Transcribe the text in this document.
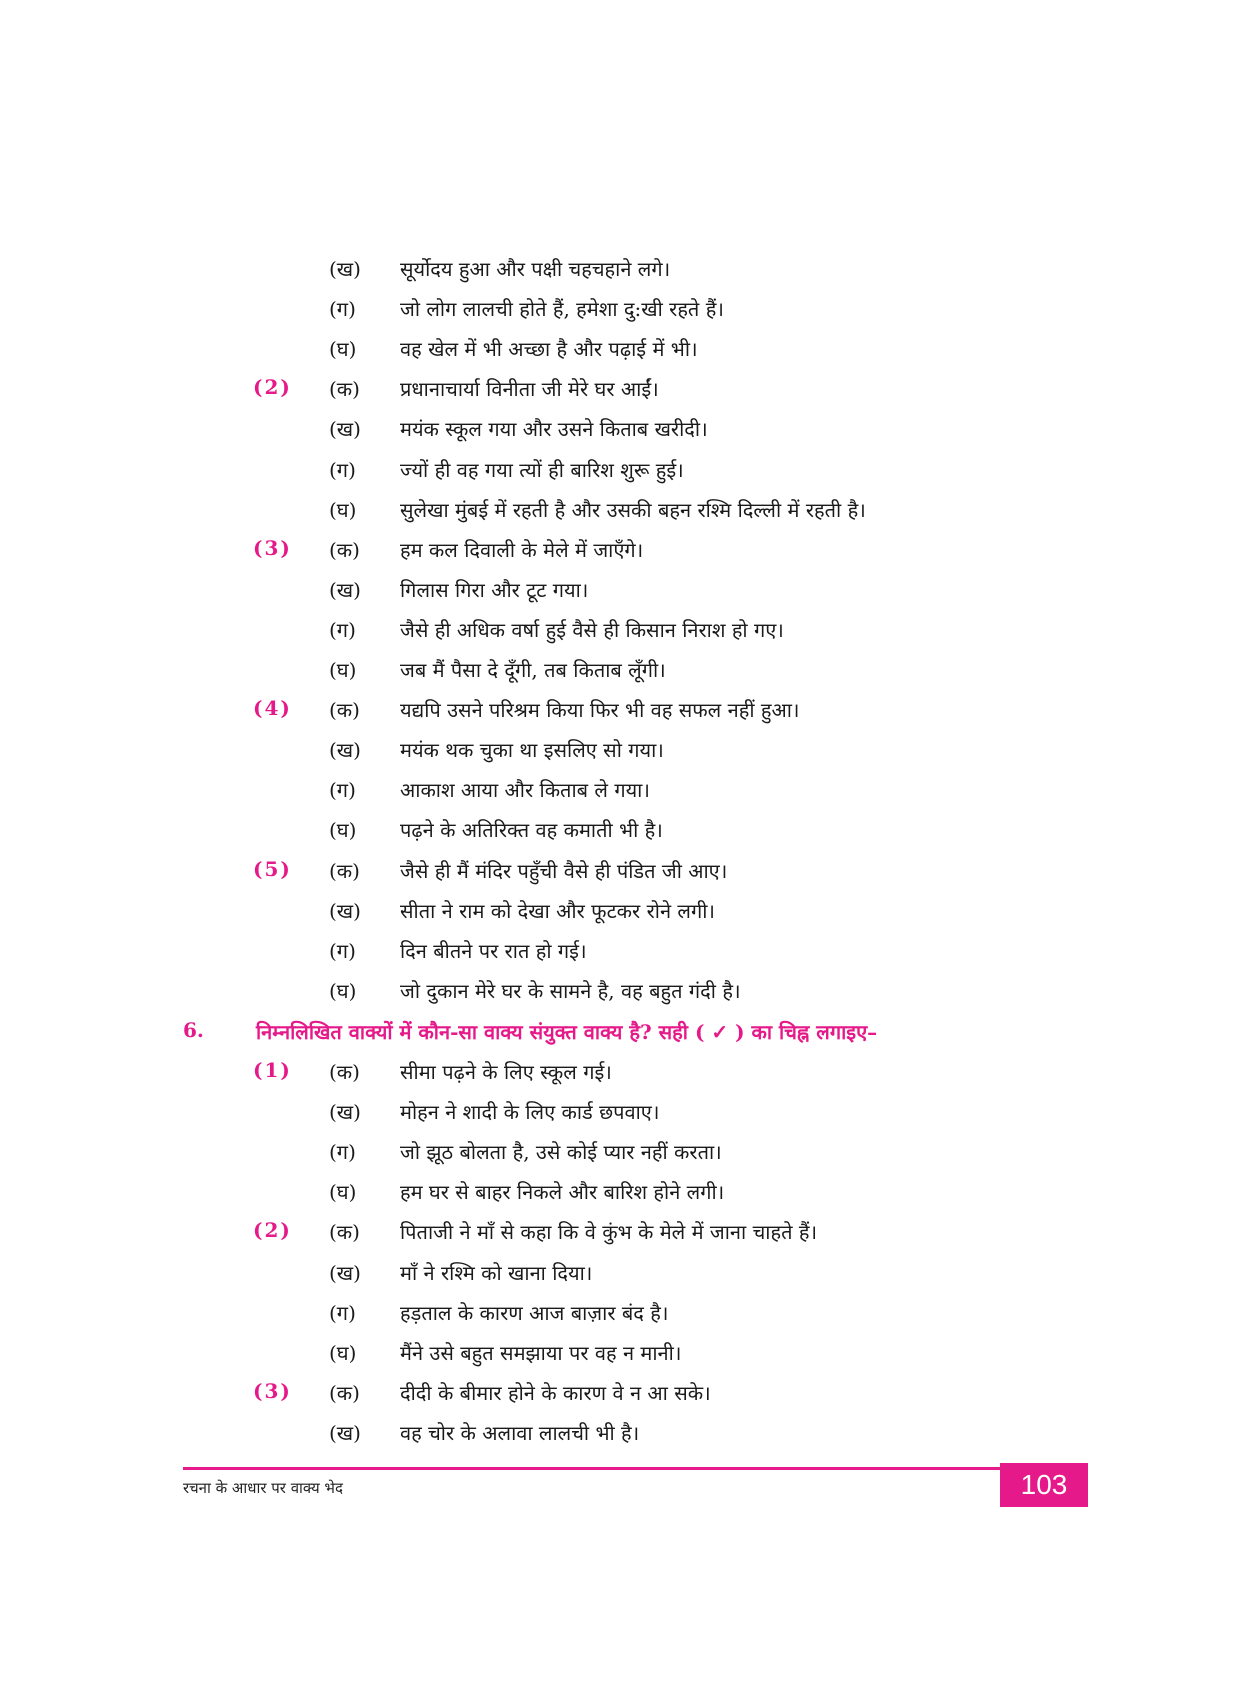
(ख)	सूर्योदय हुआ और पक्षी चहचहाने लगे।
(ग)	जो लोग लालची होते हैं, हमेशा दु:खी रहते हैं।
(घ)	वह खेल में भी अच्छा है और पढ़ाई में भी।
(2)	(क)	प्रधानाचार्या विनीता जी मेरे घर आईं।
(ख)	मयंक स्कूल गया और उसने किताब खरीदी।
(ग)	ज्यों ही वह गया त्यों ही बारिश शुरू हुई।
(घ)	सुलेखा मुंबई में रहती है और उसकी बहन रश्मि दिल्ली में रहती है।
(3)	(क)	हम कल दिवाली के मेले में जाएँगे।
(ख)	गिलास गिरा और टूट गया।
(ग)	जैसे ही अधिक वर्षा हुई वैसे ही किसान निराश हो गए।
(घ)	जब मैं पैसा दे दूँगी, तब किताब लूँगी।
(4)	(क)	यद्यपि उसने परिश्रम किया फिर भी वह सफल नहीं हुआ।
(ख)	मयंक थक चुका था इसलिए सो गया।
(ग)	आकाश आया और किताब ले गया।
(घ)	पढ़ने के अतिरिक्त वह कमाती भी है।
(5)	(क)	जैसे ही मैं मंदिर पहुँची वैसे ही पंडित जी आए।
(ख)	सीता ने राम को देखा और फूटकर रोने लगी।
(ग)	दिन बीतने पर रात हो गई।
(घ)	जो दुकान मेरे घर के सामने है, वह बहुत गंदी है।
6.	निम्नलिखित वाक्यों में कौन-सा वाक्य संयुक्त वाक्य है? सही ( ✓ ) का चिह्न लगाइए–
(1)	(क)	सीमा पढ़ने के लिए स्कूल गई।
(ख)	मोहन ने शादी के लिए कार्ड छपवाए।
(ग)	जो झूठ बोलता है, उसे कोई प्यार नहीं करता।
(घ)	हम घर से बाहर निकले और बारिश होने लगी।
(2)	(क)	पिताजी ने माँ से कहा कि वे कुंभ के मेले में जाना चाहते हैं।
(ख)	माँ ने रश्मि को खाना दिया।
(ग)	हड़ताल के कारण आज बाज़ार बंद है।
(घ)	मैंने उसे बहुत समझाया पर वह न मानी।
(3)	(क)	दीदी के बीमार होने के कारण वे न आ सके।
(ख)	वह चोर के अलावा लालची भी है।
रचना के आधार पर वाक्य भेद	103
